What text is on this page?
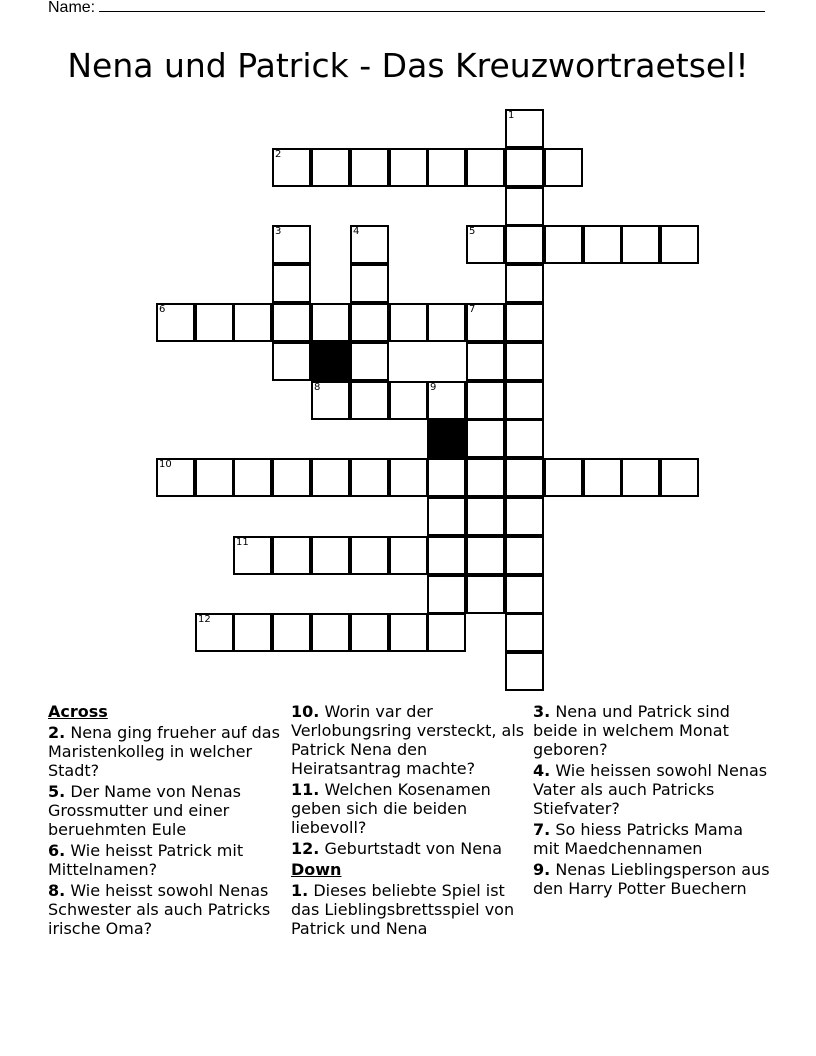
Name:
Nena und Patrick - Das Kreuzwortraetsel!
1
2
3	4	5
6	7
8	9
10
11
12
Across
2. Nena ging frueher auf das Maristenkolleg in welcher Stadt?
5. Der Name von Nenas Grossmutter und einer beruehmten Eule
6. Wie heisst Patrick mit Mittelnamen?
8. Wie heisst sowohl Nenas Schwester als auch Patricks irische Oma?
10. Worin var der Verlobungsring versteckt, als Patrick Nena den Heiratsantrag machte?
11. Welchen Kosenamen geben sich die beiden liebevoll?
12. Geburtstadt von Nena
Down
1. Dieses beliebte Spiel ist das Lieblingsbrettsspiel von Patrick und Nena
3. Nena und Patrick sind beide in welchem Monat geboren?
4. Wie heissen sowohl Nenas Vater als auch Patricks Stiefvater?
7. So hiess Patricks Mama mit Maedchennamen
9. Nenas Lieblingsperson aus den Harry Potter Buechern
